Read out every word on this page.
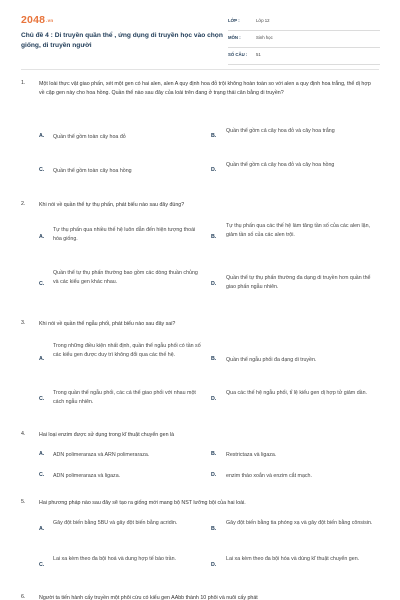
2048.vn
Chủ đề 4 : Di truyền quần thể , ứng dụng di truyền học vào chọn giống, di truyền người
LỚP :	Lớp 12
MÔN :	Sinh học
SỐ CÂU : 51
1.	Một loài thực vật giao phấn, xét một gen có hai alen, alen A quy định hoa đỏ trội không hoàn toàn so với alen a quy định hoa trắng, thể dị hợp về cặp gen này cho hoa hồng. Quần thể nào sau đây của loài trên đang ở trạng thái cân bằng di truyền?
A. Quần thể gồm toàn cây hoa đỏ	B.
Quần thể gồm cả cây hoa đỏ và cây hoa trắng
C. Quần thể gồm toàn cây hoa hồng	D.
Quần thể gồm cả cây hoa đỏ và cây hoa hồng
2.	Khi nói về quần thể tự thụ phấn, phát biểu nào sau đây đúng?
A.
Tự thụ phấn qua nhiều thế hệ luôn dẫn đến hiện tượng thoái hóa giống.	B.
Tự thụ phấn qua các thế hệ làm tăng tần số của các alen lặn, giảm tần số của các alen trội.
C.
Quần thể tự thụ phấn thường bao gồm các dòng thuần chủng và các kiểu gen khác nhau.	D.
Quần thể tự thụ phấn thường đa dạng di truyền hơn quần thể giao phấn ngẫu nhiên.
3.	Khi nói về quần thể ngẫu phối, phát biểu nào sau đây sai?
A.
Trong những điều kiện nhất định, quần thể ngẫu phối có tần số các kiểu gen được duy trì không đổi qua các thế hệ.
B. Quần thể ngẫu phối đa dạng di truyền.
C.
Trong quần thể ngẫu phối, các cá thể giao phối với nhau một cách ngẫu nhiên.	D.
Qua các thế hệ ngẫu phối, tỉ lệ kiểu gen dị hợp tử giảm dần.
4.	Hai loại enzim được sử dụng trong kĩ thuật chuyển gen là
A. ADN polimeraraza và ARN polimeraraza.	B. Restrictaza và ligaza.
C. ADN polimeraraza và ligaza.	D. enzim tháo xoắn và enzim cắt mạch.
5.	Hai phương pháp nào sau đây sẽ tạo ra giống mới mang bộ NST lưỡng bội của hai loài.
A.
Gây đột biến bằng 5BU và gây đột biến bằng acridin.
B.
Gây đột biến bằng tia phóng xạ và gây đột biến bằng cônsisin.
C.
Lai xa kèm theo đa bội hoá và dung hợp tế bào trần.
D.
Lai xa kèm theo đa bội hóa và dùng kĩ thuật chuyển gen.
6.	Người ta tiến hành cấy truyền một phôi cừu có kiểu gen AAbb thành 10 phôi và nuôi cấy phát
